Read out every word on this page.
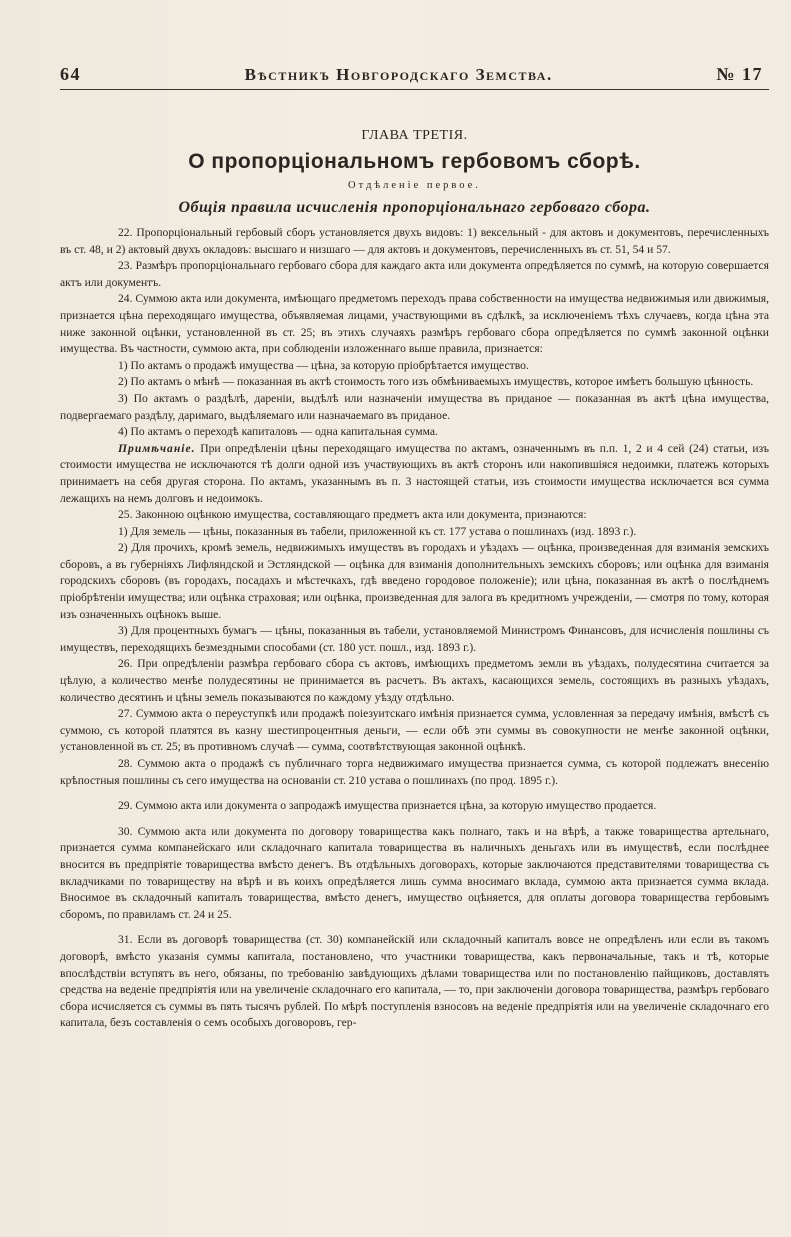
64	Вѣстникъ Новгородскаго Земства.	№ 17
ГЛАВА ТРЕТІЯ.
О пропорціональномъ гербовомъ сборѣ.
Отдѣленіе первое.
Общія правила исчисленія пропорціональнаго гербоваго сбора.

22. Пропорціональный гербовый сборъ установляется двухъ видовъ: 1) вексельный - для актовъ и документовъ, перечисленныхъ въ ст. 48, и 2) актовый двухъ окладовъ: высшаго и низшаго — для актовъ и документовъ, перечисленныхъ въ ст. 51, 54 и 57.

23. Размѣръ пропорціональнаго гербоваго сбора для каждаго акта или документа опредѣляется по суммѣ, на которую совершается актъ или документъ.

24. Суммою акта или документа, имѣющаго предметомъ переходъ права собственности на имущества недвижимыя или движимыя, признается цѣна переходящаго имущества, объявляемая лицами, участвующими въ сдѣлкѣ, за исключеніемъ тѣхъ случаевъ, когда цѣна эта ниже законной оцѣнки, установленной въ ст. 25; въ этихъ случаяхъ размѣръ гербоваго сбора опредѣляется по суммѣ законной оцѣнки имущества. Въ частности, суммою акта, при соблюденіи изложеннаго выше правила, признается:

1) По актамъ о продажѣ имущества — цѣна, за которую пріобрѣтается имущество.

2) По актамъ о мѣнѣ — показанная въ актѣ стоимость того изъ обмѣниваемыхъ имуществъ, которое имѣетъ большую цѣнность.

3) По актамъ о раздѣлѣ, дареніи, выдѣлѣ или назначеніи имущества въ приданое — показанная въ актѣ цѣна имущества, подвергаемаго раздѣлу, даримаго, выдѣляемаго или назначаемаго въ приданое.

4) По актамъ о переходѣ капиталовъ — одна капитальная сумма.

Примѣчаніе. При опредѣленіи цѣны переходящаго имущества по актамъ, означеннымъ въ п.п. 1, 2 и 4 сей (24) статьи, изъ стоимости имущества не исключаются тѣ долги одной изъ участвующихъ въ актѣ сторонъ или накопившіяся недоимки, платежъ которыхъ принимаетъ на себя другая сторона. По актамъ, указаннымъ въ п. 3 настоящей статьи, изъ стоимости имущества исключается вся сумма лежащихъ на немъ долговъ и недоимокъ.

25. Законною оцѣнкою имущества, составляющаго предметъ акта или документа, признаются:

1) Для земель — цѣны, показанныя въ табели, приложенной къ ст. 177 устава о пошлинахъ (изд. 1893 г.).

2) Для прочихъ, кромѣ земель, недвижимыхъ имуществъ въ городахъ и уѣздахъ — оцѣнка, произведенная для взиманія земскихъ сборовъ, а въ губерніяхъ Лифляндской и Эстляндской — оцѣнка для взиманія дополнительныхъ земскихъ сборовъ; или оцѣнка для взиманія городскихъ сборовъ (въ городахъ, посадахъ и мѣстечкахъ, гдѣ введено городовое положеніе); или цѣна, показанная въ актѣ о послѣднемъ пріобрѣтеніи имущества; или оцѣнка страховая; или оцѣнка, произведенная для залога въ кредитномъ учрежденіи, — смотря по тому, которая изъ означенныхъ оцѣнокъ выше.

3) Для процентныхъ бумагъ — цѣны, показанныя въ табели, установляемой Министромъ Финансовъ, для исчисленія пошлины съ имуществъ, переходящихъ безмездными способами (ст. 180 уст. пошл., изд. 1893 г.).

26. При опредѣленіи размѣра гербоваго сбора съ актовъ, имѣющихъ предметомъ земли въ уѣздахъ, полудесятина считается за цѣлую, а количество менѣе полудесятины не принимается въ расчетъ. Въ актахъ, касающихся земель, состоящихъ въ разныхъ уѣздахъ, количество десятинъ и цѣны земель показываются по каждому уѣзду отдѣльно.

27. Суммою акта о переуступкѣ или продажѣ поіезуитскаго имѣнія признается сумма, условленная за передачу имѣнія, вмѣстѣ съ суммою, съ которой платятся въ казну шестипроцентныя деньги, — если обѣ эти суммы въ совокупности не менѣе законной оцѣнки, установленной въ ст. 25; въ противномъ случаѣ — сумма, соотвѣтствующая законной оцѣнкѣ.

28. Суммою акта о продажѣ съ публичнаго торга недвижимаго имущества признается сумма, съ которой подлежатъ внесенію крѣпостныя пошлины съ сего имущества на основаніи ст. 210 устава о пошлинахъ (по прод. 1895 г.).

29. Суммою акта или документа о запродажѣ имущества признается цѣна, за которую имущество продается.

30. Суммою акта или документа по договору товарищества какъ полнаго, такъ и на вѣрѣ, а также товарищества артельнаго, признается сумма компанейскаго или складочнаго капитала товарищества въ наличныхъ деньгахъ или въ имуществѣ, если послѣднее вносится въ предпріятіе товарищества вмѣсто денегъ. Въ отдѣльныхъ договорахъ, которые заключаются представителями товарищества съ вкладчиками по товариществу на вѣрѣ и въ коихъ опредѣляется лишь сумма вносимаго вклада, суммою акта признается сумма вклада. Вносимое въ складочный капиталъ товарищества, вмѣсто денегъ, имущество оцѣняется, для оплаты договора товарищества гербовымъ сборомъ, по правиламъ ст. 24 и 25.

31. Если въ договорѣ товарищества (ст. 30) компанейскій или складочный капиталъ вовсе не опредѣленъ или если въ такомъ договорѣ, вмѣсто указанія суммы капитала, постановлено, что участники товарищества, какъ первоначальные, такъ и тѣ, которые впослѣдствіи вступятъ въ него, обязаны, по требованію завѣдующихъ дѣлами товарищества или по постановленію пайщиковъ, доставлять средства на веденіе предпріятія или на увеличеніе складочнаго его капитала, — то, при заключеніи договора товарищества, размѣръ гербоваго сбора исчисляется съ суммы въ пять тысячъ рублей. По мѣрѣ поступленія взносовъ на веденіе предпріятія или на увеличеніе складочнаго его капитала, безъ составленія о семъ особыхъ договоровъ, гер-
